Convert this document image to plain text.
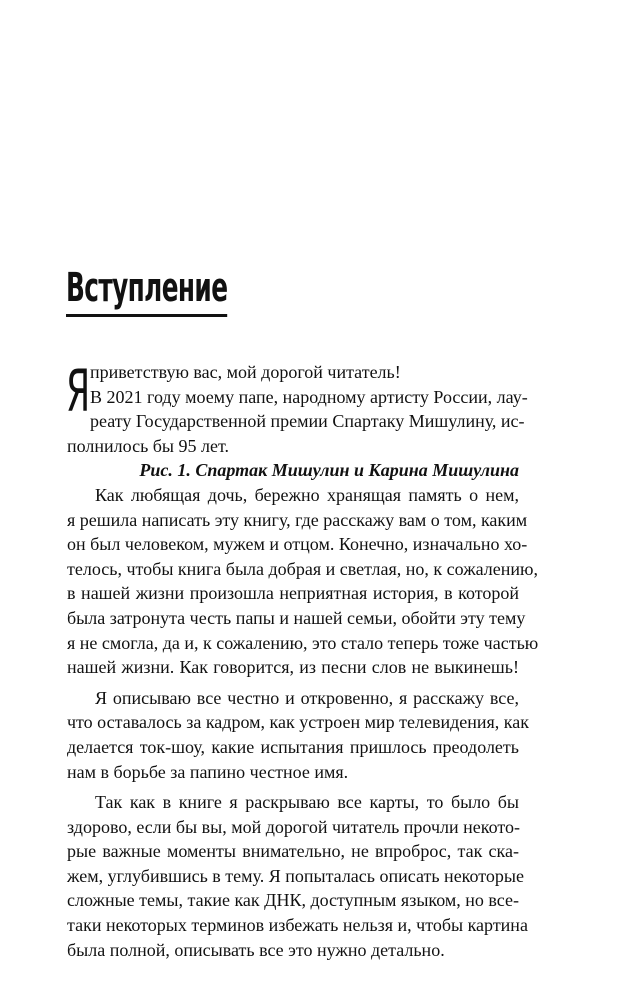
Вступление
Я приветствую вас, мой дорогой читатель!
В 2021 году моему папе, народному артисту России, лау-
реату Государственной премии Спартаку Мишулину, ис-
полнилось бы 95 лет.
Рис. 1. Спартак Мишулин и Карина Мишулина
Как любящая дочь, бережно хранящая память о нем,
я решила написать эту книгу, где расскажу вам о том, каким
он был человеком, мужем и отцом. Конечно, изначально хо-
телось, чтобы книга была добрая и светлая, но, к сожалению,
в нашей жизни произошла неприятная история, в которой
была затронута честь папы и нашей семьи, обойти эту тему
я не смогла, да и, к сожалению, это стало теперь тоже частью
нашей жизни. Как говорится, из песни слов не выкинешь!
Я описываю все честно и откровенно, я расскажу все,
что оставалось за кадром, как устроен мир телевидения, как
делается ток-шоу, какие испытания пришлось преодолеть
нам в борьбе за папино честное имя.
Так как в книге я раскрываю все карты, то было бы
здорово, если бы вы, мой дорогой читатель прочли некото-
рые важные моменты внимательно, не впроброс, так ска-
жем, углубившись в тему. Я попыталась описать некоторые
сложные темы, такие как ДНК, доступным языком, но все-
таки некоторых терминов избежать нельзя и, чтобы картина
была полной, описывать все это нужно детально.
